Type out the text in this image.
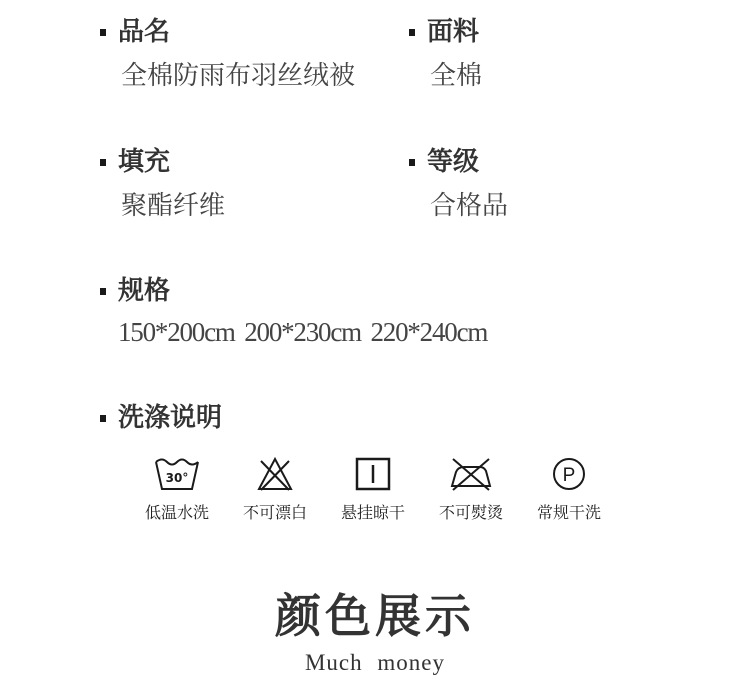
品名
全棉防雨布羽丝绒被
面料
全棉
填充
聚酯纤维
等级
合格品
规格
150*200cm 200*230cm 220*240cm
洗涤说明
30°
低温水洗 不可漂白 悬挂晾干 不可熨烫
P
常规干洗
颜色展示
Much money
